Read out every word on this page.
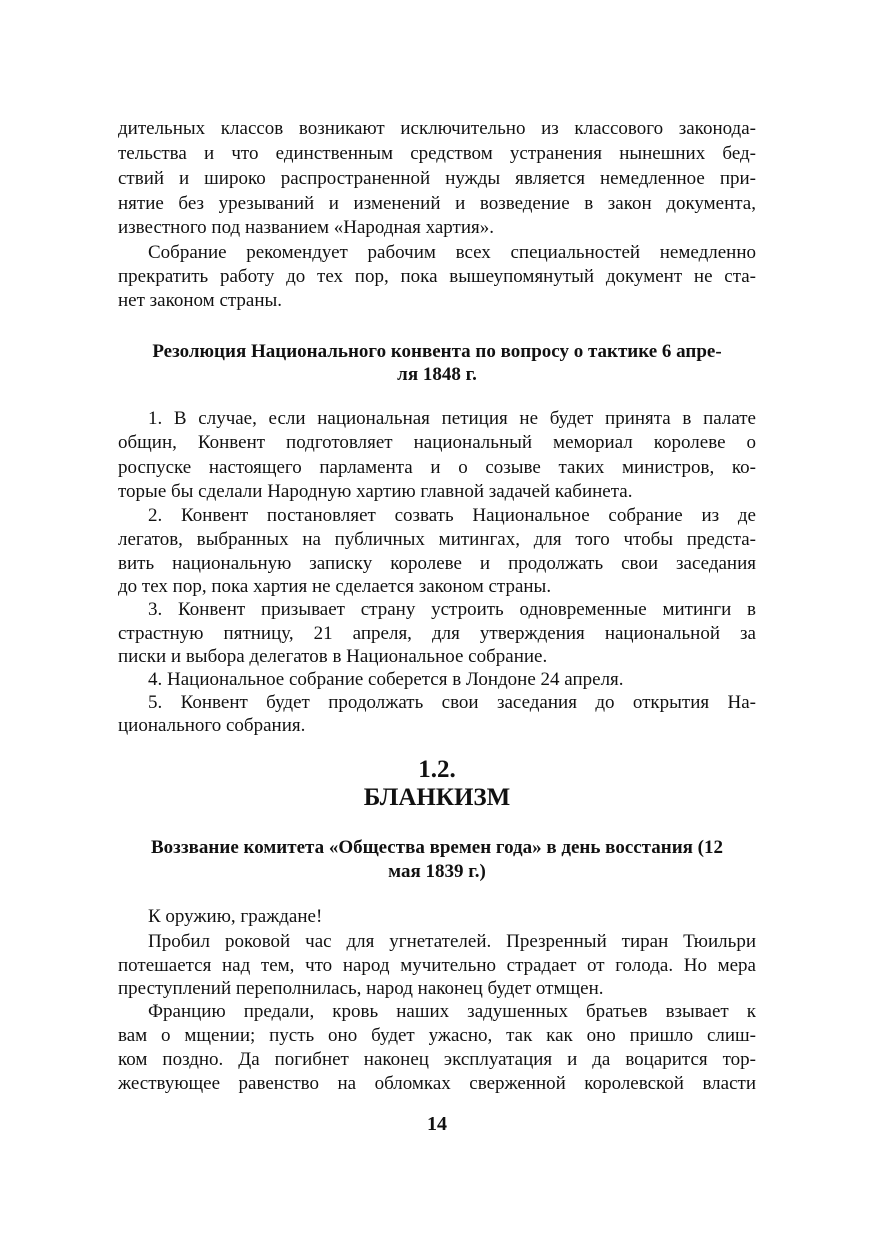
дительных классов возникают исключительно из классового законода-
тельства и что единственным средством устранения нынешних бед-
ствий и широко распространенной нужды является немедленное при-
нятие без урезываний и изменений и возведение в закон документа,
известного под названием «Народная хартия».
Собрание рекомендует рабочим всех специальностей немедленно
прекратить работу до тех пор, пока вышеупомянутый документ не ста-
нет законом страны.
Резолюция Национального конвента по вопросу о тактике 6 апре-
ля 1848 г.
1. В случае, если национальная петиция не будет принята в палате
общин, Конвент подготовляет национальный мемориал королеве о
роспуске настоящего парламента и о созыве таких министров, ко-
торые бы сделали Народную хартию главной задачей кабинета.
2. Конвент постановляет созвать Национальное собрание из де
легатов, выбранных на публичных митингах, для того чтобы предста-
вить национальную записку королеве и продолжать свои заседания
до тех пор, пока хартия не сделается законом страны.
3. Конвент призывает страну устроить одновременные митинги в
страстную пятницу, 21 апреля, для утверждения национальной за
писки и выбора делегатов в Национальное собрание.
4. Национальное собрание соберется в Лондоне 24 апреля.
5. Конвент будет продолжать свои заседания до открытия На-
ционального собрания.
1.2.
БЛАНКИЗМ
Воззвание комитета «Общества времен года» в день восстания (12
мая 1839 г.)
К оружию, граждане!
Пробил роковой час для угнетателей. Презренный тиран Тюильри
потешается над тем, что народ мучительно страдает от голода. Но мера
преступлений переполнилась, народ наконец будет отмщен.
Францию предали, кровь наших задушенных братьев взывает к
вам о мщении; пусть оно будет ужасно, так как оно пришло слиш-
ком поздно. Да погибнет наконец эксплуатация и да воцарится тор-
жествующее равенство на обломках сверженной королевской власти
14
